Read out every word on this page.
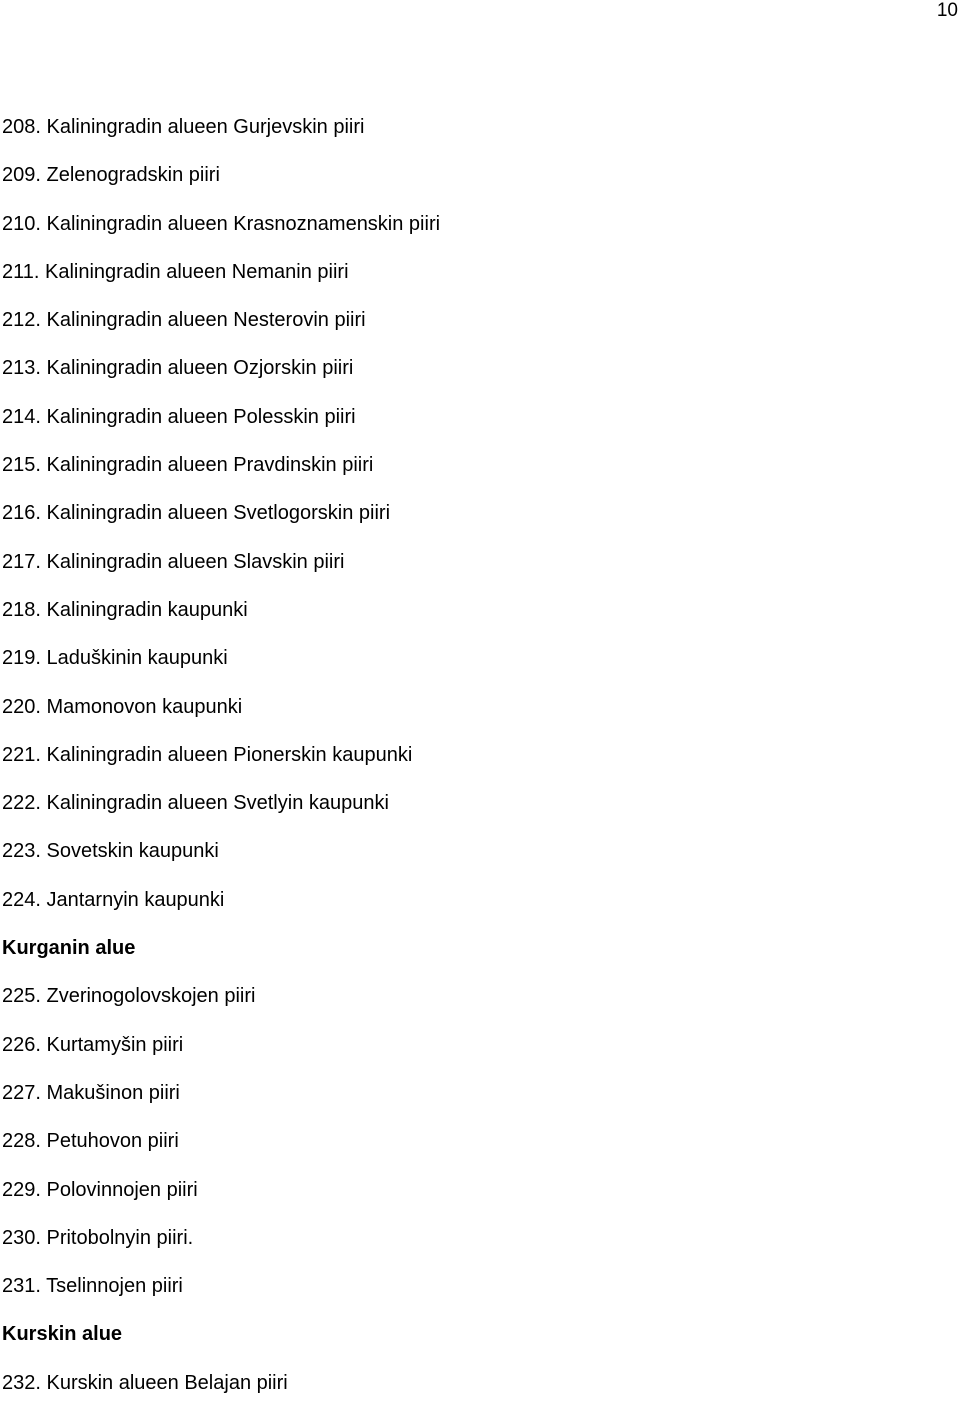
10
208. Kaliningradin alueen Gurjevskin piiri
209. Zelenogradskin piiri
210. Kaliningradin alueen Krasnoznamenskin piiri
211. Kaliningradin alueen Nemanin piiri
212. Kaliningradin alueen Nesterovin piiri
213. Kaliningradin alueen Ozjorskin piiri
214. Kaliningradin alueen Polesskin piiri
215. Kaliningradin alueen Pravdinskin piiri
216. Kaliningradin alueen Svetlogorskin piiri
217. Kaliningradin alueen Slavskin piiri
218. Kaliningradin kaupunki
219. Laduškinin kaupunki
220. Mamonovon kaupunki
221. Kaliningradin alueen Pionerskin kaupunki
222. Kaliningradin alueen Svetlyin kaupunki
223. Sovetskin kaupunki
224. Jantarnyin kaupunki
Kurganin alue
225. Zverinogolovskojen piiri
226. Kurtamyšin piiri
227. Makušinon piiri
228. Petuhovon piiri
229. Polovinnojen piiri
230. Pritobolnyin piiri.
231. Tselinnojen piiri
Kurskin alue
232. Kurskin alueen Belajan piiri
